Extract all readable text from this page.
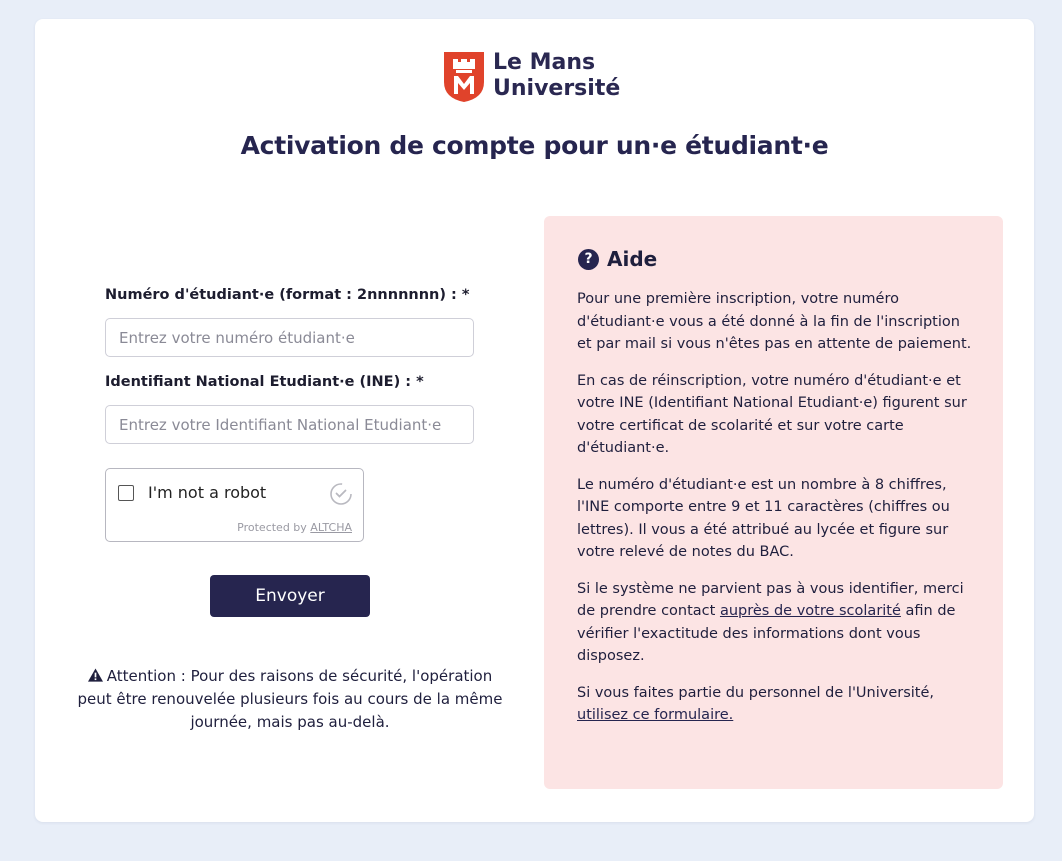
Le Mans
Université
Activation de compte pour un·e étudiant·e
Numéro d'étudiant·e (format : 2nnnnnnn) : *
Entrez votre numéro étudiant·e
Identifiant National Etudiant·e (INE) : *
Entrez votre Identifiant National Etudiant·e
I'm not a robot
Protected by ALTCHA
Envoyer
Attention : Pour des raisons de sécurité, l'opération peut être renouvelée plusieurs fois au cours de la même journée, mais pas au-delà.
? Aide

Pour une première inscription, votre numéro d'étudiant·e vous a été donné à la fin de l'inscription et par mail si vous n'êtes pas en attente de paiement.

En cas de réinscription, votre numéro d'étudiant·e et votre INE (Identifiant National Etudiant·e) figurent sur votre certificat de scolarité et sur votre carte d'étudiant·e.

Le numéro d'étudiant·e est un nombre à 8 chiffres, l'INE comporte entre 9 et 11 caractères (chiffres ou lettres). Il vous a été attribué au lycée et figure sur votre relevé de notes du BAC.

Si le système ne parvient pas à vous identifier, merci de prendre contact auprès de votre scolarité afin de vérifier l'exactitude des informations dont vous disposez.

Si vous faites partie du personnel de l'Université,
utilisez ce formulaire.
